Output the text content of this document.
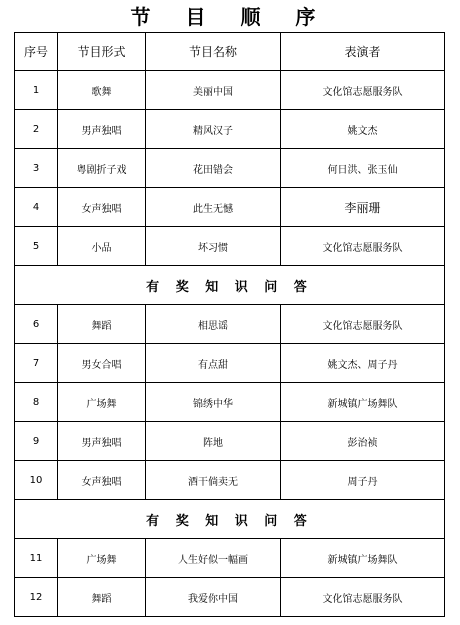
节 目 顺 序
序号	节目形式	节目名称	表演者
1	歌舞	美丽中国	文化馆志愿服务队
2	男声独唱	精风汉子	姚文杰
3	粤剧折子戏	花田错会	何日洪、张玉仙
4	女声独唱	此生无憾	李丽珊
5	小品	坏习惯	文化馆志愿服务队
有 奖 知 识 问 答			
6	舞蹈	相思谣	文化馆志愿服务队
7	男女合唱	有点甜	姚文杰、周子丹
8	广场舞	锦绣中华	新城镇广场舞队
9	男声独唱	阵地	彭治祯
10	女声独唱	酒干倘卖无	周子丹
有 奖 知 识 问 答			
11	广场舞	人生好似一幅画	新城镇广场舞队
12	舞蹈	我爱你中国	文化馆志愿服务队
